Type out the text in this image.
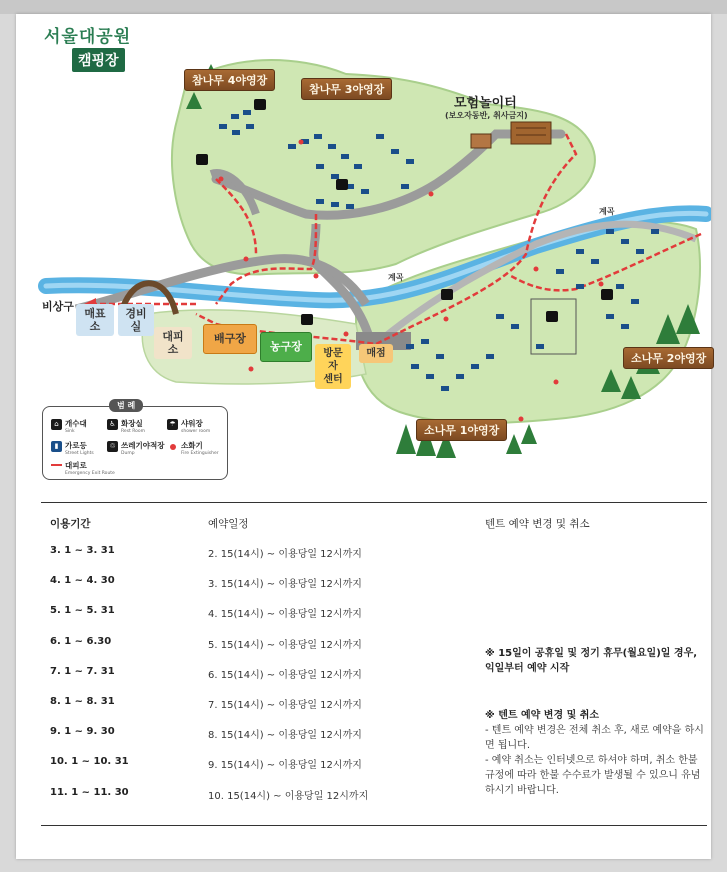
서울대공원
캠핑장
참나무 4야영장
참나무 3야영장
소나무 2야영장
소나무 1야영장
모험놀이터
(보오자동반, 취사금지)
계곡
계곡
비상구
매표소
경비실
대피소
배구장
농구장
방문자
센터
매점
범 례
⌂ 개수대
Sink
♿ 화장실
Rest Room
☂ 샤워장
shower room
▮ 가로등
Street Lights
♲ 쓰레기야적장
Dump
소화기
Fire Extinguisher
대피로
Emergency Exit Route
이용기간	예약일정	텐트 예약 변경 및 취소
3. 1 ~ 3. 31	2. 15(14시) ~ 이용당일 12시까지
4. 1 ~ 4. 30	3. 15(14시) ~ 이용당일 12시까지
5. 1 ~ 5. 31	4. 15(14시) ~ 이용당일 12시까지
6. 1 ~ 6.30	5. 15(14시) ~ 이용당일 12시까지
7. 1 ~ 7. 31	6. 15(14시) ~ 이용당일 12시까지
8. 1 ~ 8. 31	7. 15(14시) ~ 이용당일 12시까지
9. 1 ~ 9. 30	8. 15(14시) ~ 이용당일 12시까지
10. 1 ~ 10. 31	9. 15(14시) ~ 이용당일 12시까지
11. 1 ~ 11. 30	10. 15(14시) ~ 이용당일 12시까지
※ 15일이 공휴일 및 정기 휴무(월요일)일 경우, 익일부터 예약 시작
※ 텐트 예약 변경 및 취소
- 텐트 예약 변경은 전체 취소 후, 새로 예약을 하시면 됩니다.
- 예약 취소는 인터넷으로 하셔야 하며, 취소 한불 규정에 따라 한불 수수료가 발생될 수 있으니 유념하시기 바랍니다.
